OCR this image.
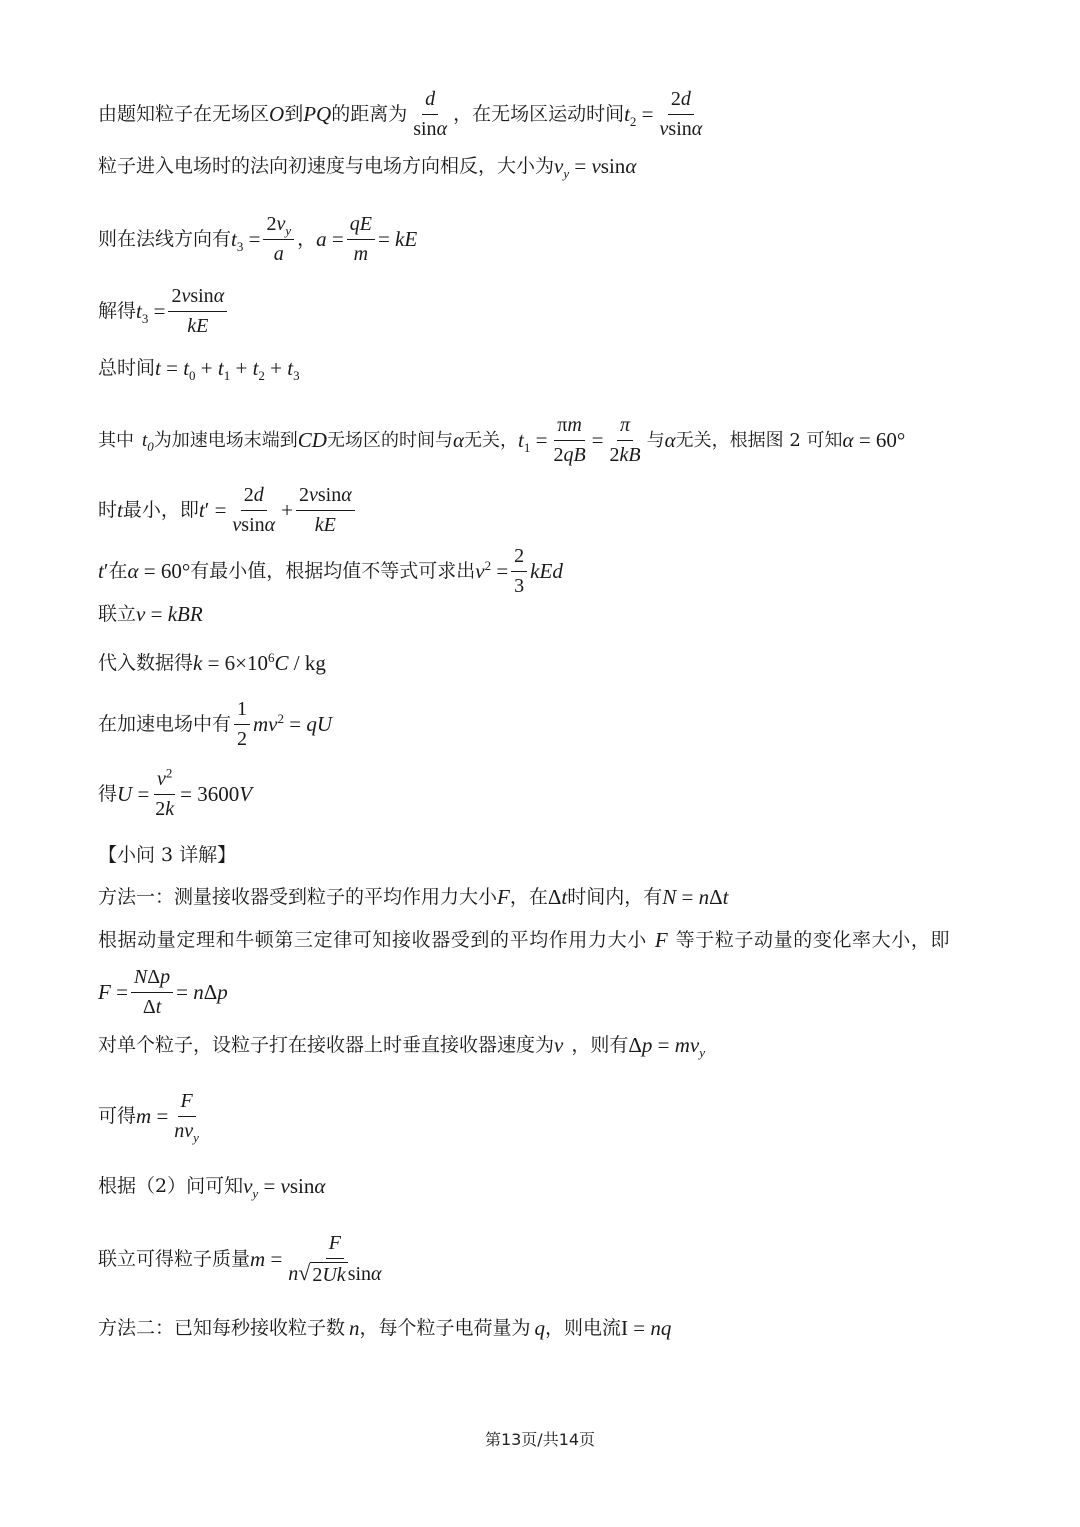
由题知粒子在无场区 O 到 PQ 的距离为 $\frac{d}{\sin\alpha}$ ，在无场区运动时间 $t_2 = \frac{2d}{vsin\alpha}$
粒子进入电场时的法向初速度与电场方向相反，大小为 $v_y = vsin\alpha$
则在法线方向有 $t_3 = \frac{2v_y}{a}$ ， $a = \frac{qE}{m}$ = kE
解得 $t_3 = \frac{2vsin\alpha}{kE}$
总时间 $t = t_0 + t_1 + t_2 + t_3$
其中 $t_0$ 为加速电场末端到 CD 无场区的时间与 α 无关， $t_1 = \frac{\pi m}{2qB} = \frac{\pi}{2kB}$ 与 α 无关，根据图 2 可知 α = 60°
时 t 最小，即 $t' = \frac{2d}{vsin\alpha} + \frac{2vsin\alpha}{kE}$
t′ 在 α = 60° 有最小值，根据均值不等式可求出 $v^2 = \frac{2}{3}$ kEd
联立 v = kBR
代入数据得 $k = 6\times 10^6C$ / kg
在加速电场中有 $\frac{1}{2} mv^2$ = qU
得 $U = \frac{v^2}{2k} = 3600V$
【小问 3 详解】
方法一：测量接收器受到粒子的平均作用力大小 F ，在 Δt 时间内，有 N = nΔt
根据动量定理和牛顿第三定律可知接收器受到的平均作用力大小 F 等于粒子动量的变化率大小，即
$F = \frac{\text{NΔp}}{\Delta t} = n\Delta p$
对单个粒子，设粒子打在接收器上时垂直接收器速度为 v ，则有 $\Delta p = mv_y$
可得 $m = \frac{F}{nv_y}$
根据（2）问可知 $v_y = vsin\alpha$
联立可得粒子质量 $m = \frac{F}{\text{n √ 2Uk sinα}}$
方法二：已知每秒接收粒子数 n ，每个粒子电荷量为 q ，则电流 I = nq
第13页/共14页
